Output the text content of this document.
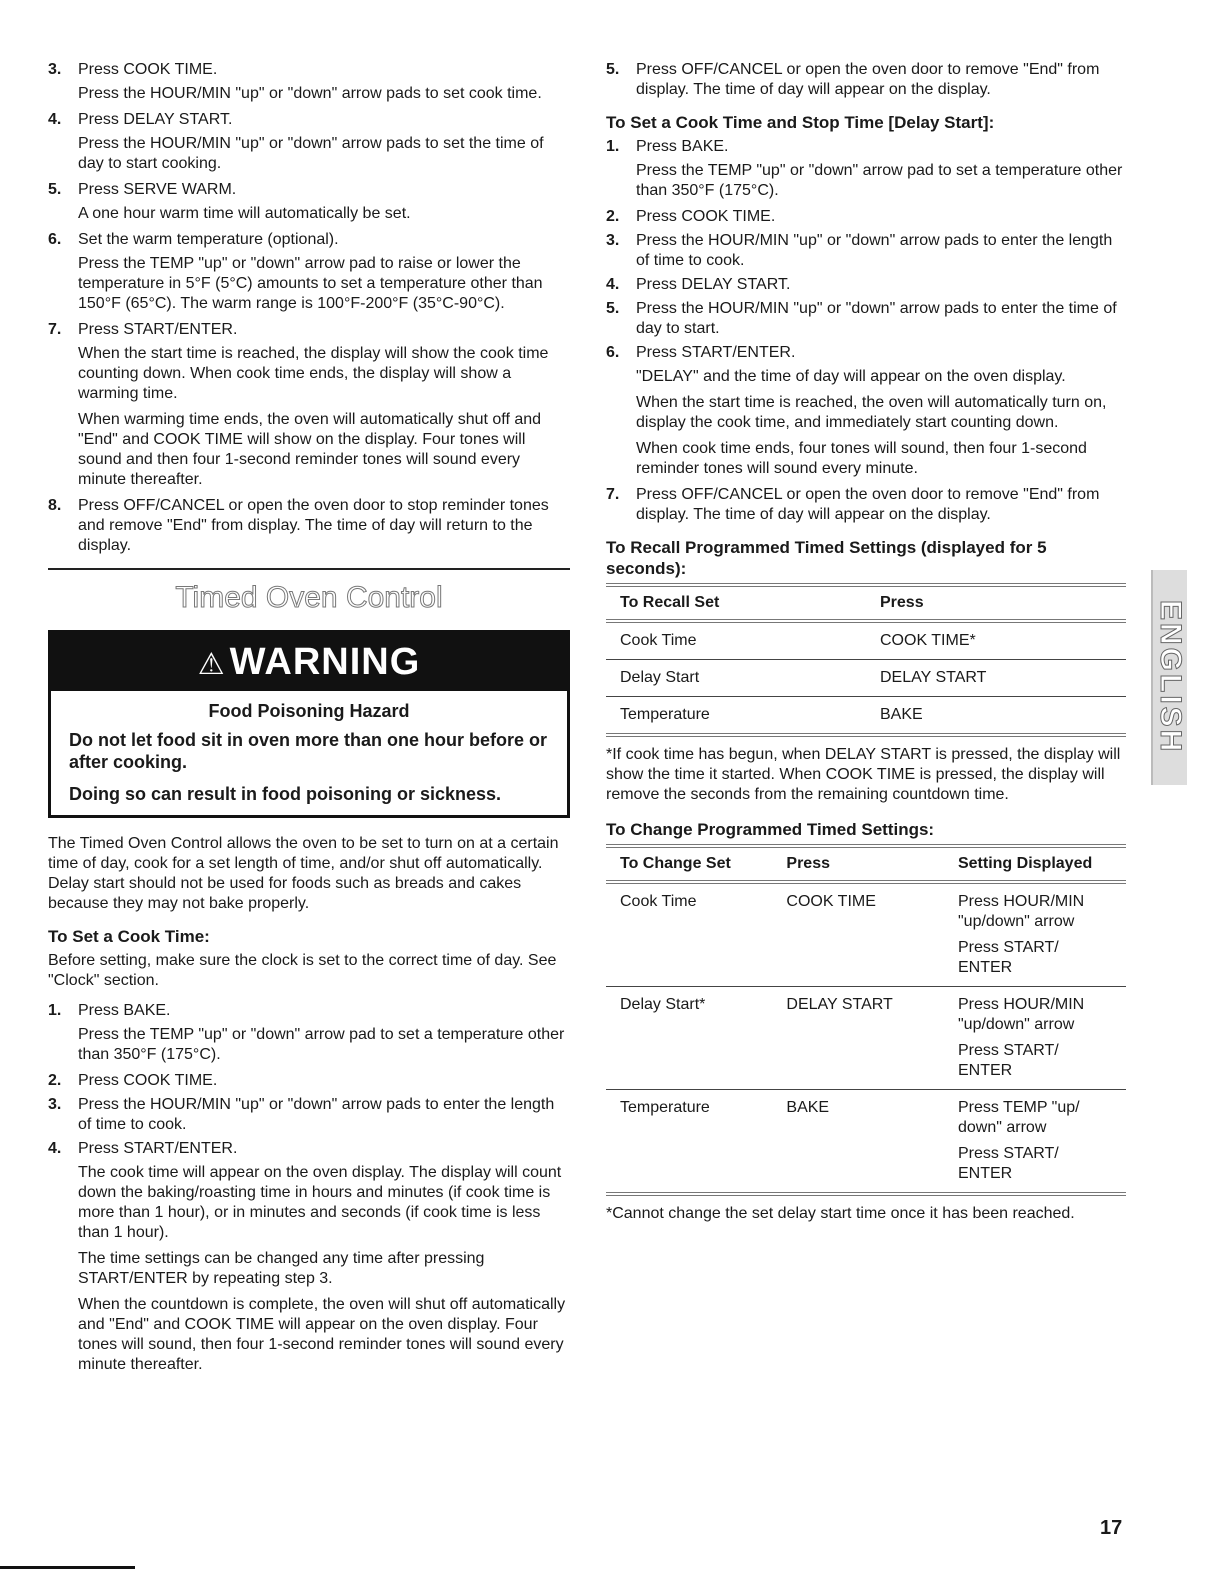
3.	Press COOK TIME.
Press the HOUR/MIN "up" or "down" arrow pads to set cook time.
4.	Press DELAY START.
Press the HOUR/MIN "up" or "down" arrow pads to set the time of day to start cooking.
5.	Press SERVE WARM.
A one hour warm time will automatically be set.
6.	Set the warm temperature (optional).
Press the TEMP "up" or "down" arrow pad to raise or lower the temperature in 5°F (5°C) amounts to set a temperature other than 150°F (65°C). The warm range is 100°F-200°F (35°C-90°C).
7.	Press START/ENTER.
When the start time is reached, the display will show the cook time counting down. When cook time ends, the display will show a warming time.
When warming time ends, the oven will automatically shut off and "End" and COOK TIME will show on the display. Four tones will sound and then four 1-second reminder tones will sound every minute thereafter.
8.	Press OFF/CANCEL or open the oven door to stop reminder tones and remove "End" from display. The time of day will return to the display.
Timed Oven Control
⚠ WARNING
Food Poisoning Hazard
Do not let food sit in oven more than one hour before or after cooking.
Doing so can result in food poisoning or sickness.
The Timed Oven Control allows the oven to be set to turn on at a certain time of day, cook for a set length of time, and/or shut off automatically. Delay start should not be used for foods such as breads and cakes because they may not bake properly.
To Set a Cook Time:
Before setting, make sure the clock is set to the correct time of day. See "Clock" section.
1.	Press BAKE.
Press the TEMP "up" or "down" arrow pad to set a temperature other than 350°F (175°C).
2.	Press COOK TIME.
3.	Press the HOUR/MIN "up" or "down" arrow pads to enter the length of time to cook.
4.	Press START/ENTER.
The cook time will appear on the oven display. The display will count down the baking/roasting time in hours and minutes (if cook time is more than 1 hour), or in minutes and seconds (if cook time is less than 1 hour).
The time settings can be changed any time after pressing START/ENTER by repeating step 3.
When the countdown is complete, the oven will shut off automatically and "End" and COOK TIME will appear on the oven display. Four tones will sound, then four 1-second reminder tones will sound every minute thereafter.
5.	Press OFF/CANCEL or open the oven door to remove "End" from display. The time of day will appear on the display.
To Set a Cook Time and Stop Time [Delay Start]:
1.	Press BAKE.
Press the TEMP "up" or "down" arrow pad to set a temperature other than 350°F (175°C).
2.	Press COOK TIME.
3.	Press the HOUR/MIN "up" or "down" arrow pads to enter the length of time to cook.
4.	Press DELAY START.
5.	Press the HOUR/MIN "up" or "down" arrow pads to enter the time of day to start.
6.	Press START/ENTER.
"DELAY" and the time of day will appear on the oven display.
When the start time is reached, the oven will automatically turn on, display the cook time, and immediately start counting down.
When cook time ends, four tones will sound, then four 1-second reminder tones will sound every minute.
7.	Press OFF/CANCEL or open the oven door to remove "End" from display. The time of day will appear on the display.
To Recall Programmed Timed Settings (displayed for 5 seconds):
To Recall Set	Press
Cook Time	COOK TIME*
Delay Start	DELAY START
Temperature	BAKE
*If cook time has begun, when DELAY START is pressed, the display will show the time it started. When COOK TIME is pressed, the display will remove the seconds from the remaining countdown time.
To Change Programmed Timed Settings:
To Change Set	Press	Setting Displayed
Cook Time	COOK TIME	Press HOUR/MIN "up/down" arrow
Press START/ ENTER

Delay Start*	DELAY START	Press HOUR/MIN "up/down" arrow
Press START/ ENTER

Temperature	BAKE	Press TEMP "up/ down" arrow
Press START/ ENTER
*Cannot change the set delay start time once it has been reached.
ENGLISH
17
